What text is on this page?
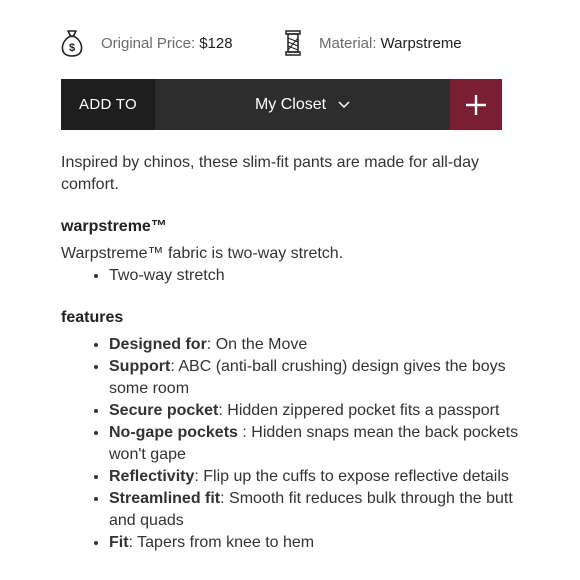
$ Original Price: $128	Material: Warpstreme
ADD TO	My Closet

Inspired by chinos, these slim-fit pants are made for all-day comfort.

warpstreme™

Warpstreme™ fabric is two-way stretch.

• Two-way stretch
features
• Designed for: On the Move
• Support: ABC (anti-ball crushing) design gives the boys some room
• Secure pocket: Hidden zippered pocket fits a passport
• No-gape pockets : Hidden snaps mean the back pockets won't gape
• Reflectivity: Flip up the cuffs to expose reflective details
• Streamlined fit: Smooth fit reduces bulk through the butt and quads
• Fit: Tapers from knee to hem
